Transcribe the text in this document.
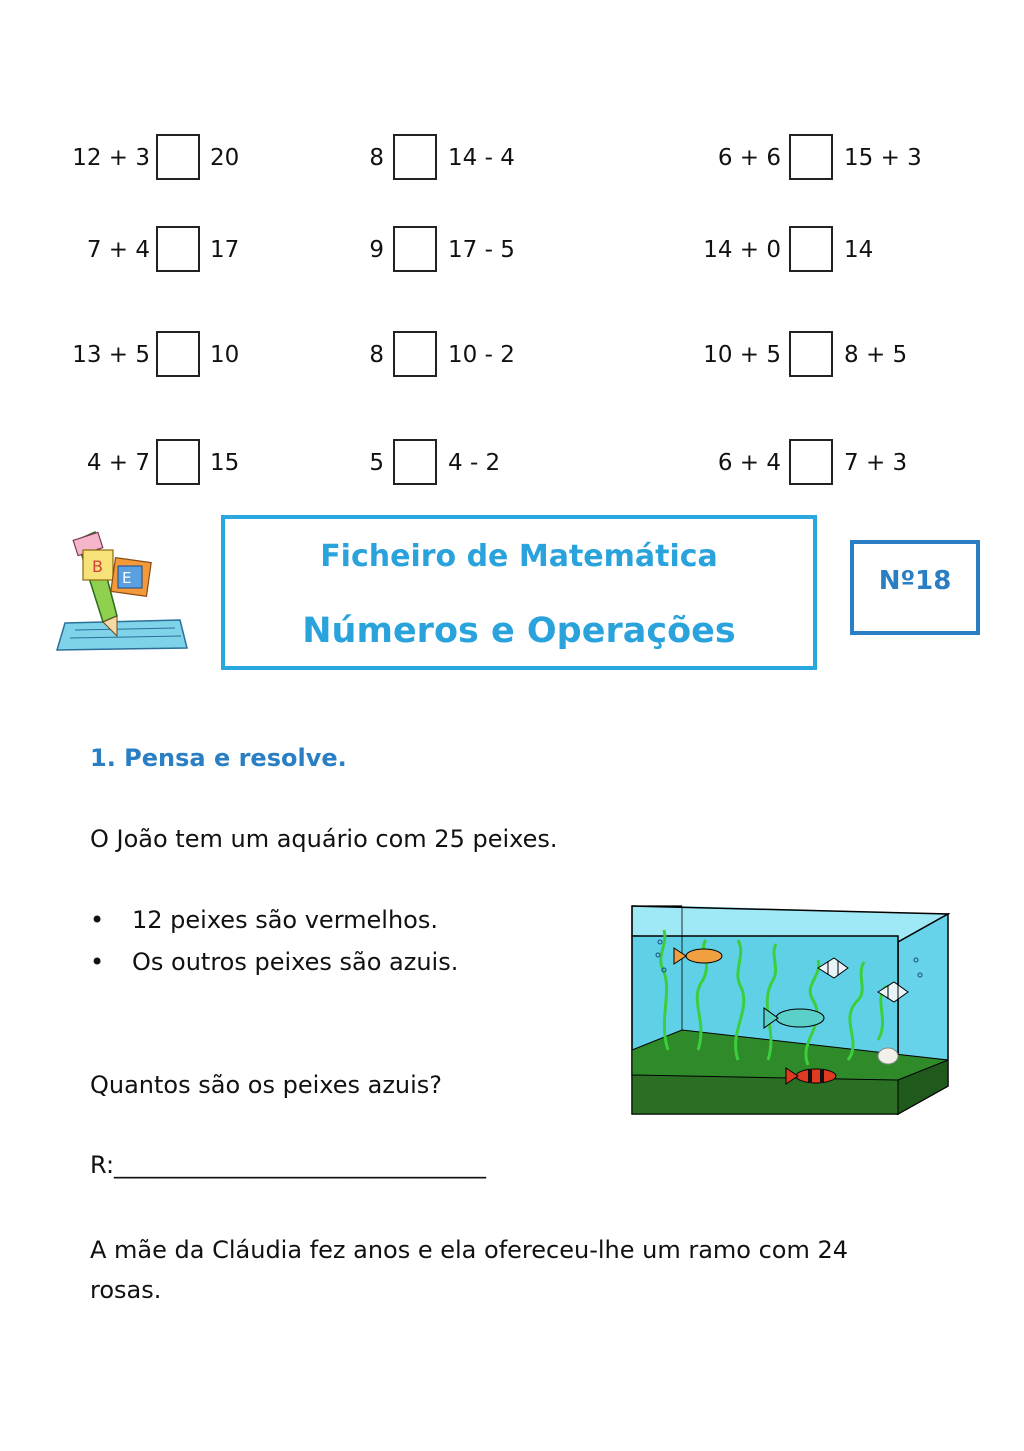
12 + 3	20	8	14 - 4	6 + 6	15 + 3
7 + 4	17	9	17 - 5	14 + 0	14
13 + 5	10	8	10 - 2	10 + 5	8 + 5
4 + 7	15	5	4 - 2	6 + 4	7 + 3
B
E
Ficheiro de Matemática
Números e Operações
Nº18
1. Pensa e resolve.
O João tem um aquário com 25 peixes.
• 12 peixes são vermelhos.
• Os outros peixes são azuis.
Quantos são os peixes azuis?
R:_______________________________
A mãe da Cláudia fez anos e ela ofereceu-lhe um ramo com 24
rosas.
